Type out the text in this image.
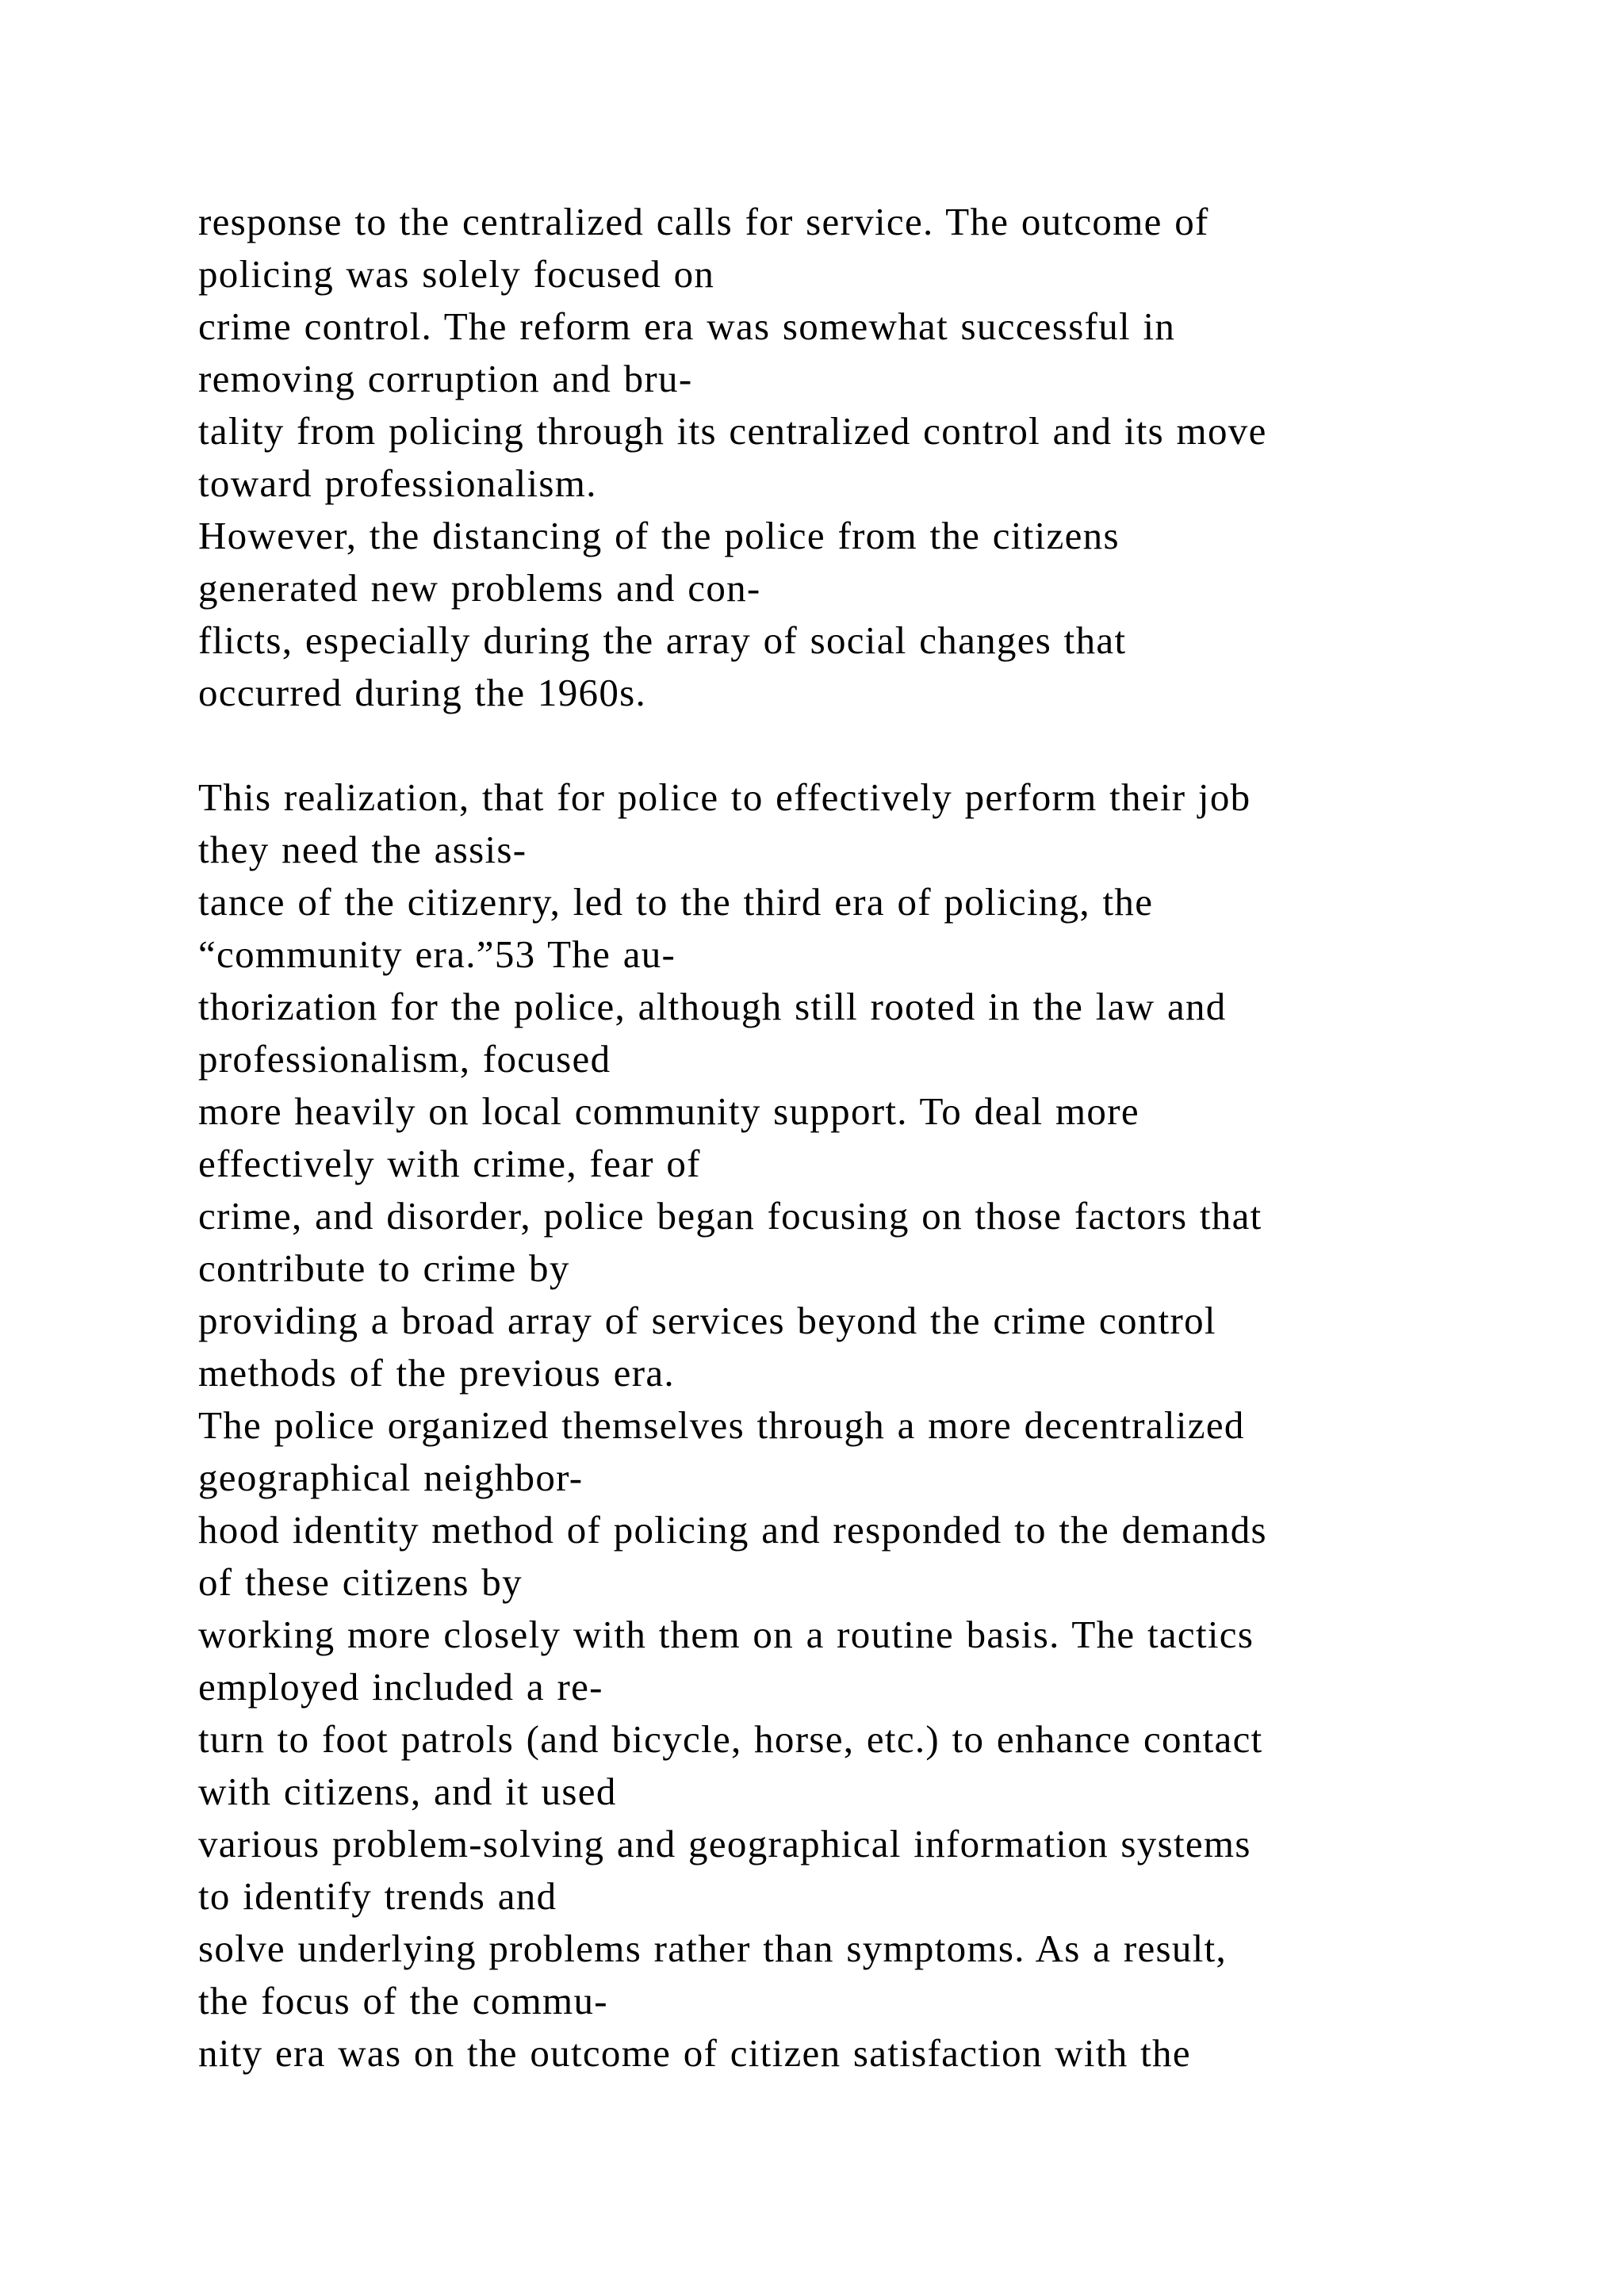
response to the centralized calls for service. The outcome of
policing was solely focused on
crime control. The reform era was somewhat successful in
removing corruption and bru-
tality from policing through its centralized control and its move
toward professionalism.
However, the distancing of the police from the citizens
generated new problems and con-
flicts, especially during the array of social changes that
occurred during the 1960s.
This realization, that for police to effectively perform their job
they need the assis-
tance of the citizenry, led to the third era of policing, the
“community era.”53 The au-
thorization for the police, although still rooted in the law and
professionalism, focused
more heavily on local community support. To deal more
effectively with crime, fear of
crime, and disorder, police began focusing on those factors that
contribute to crime by
providing a broad array of services beyond the crime control
methods of the previous era.
The police organized themselves through a more decentralized
geographical neighbor-
hood identity method of policing and responded to the demands
of these citizens by
working more closely with them on a routine basis. The tactics
employed included a re-
turn to foot patrols (and bicycle, horse, etc.) to enhance contact
with citizens, and it used
various problem-solving and geographical information systems
to identify trends and
solve underlying problems rather than symptoms. As a result,
the focus of the commu-
nity era was on the outcome of citizen satisfaction with the
